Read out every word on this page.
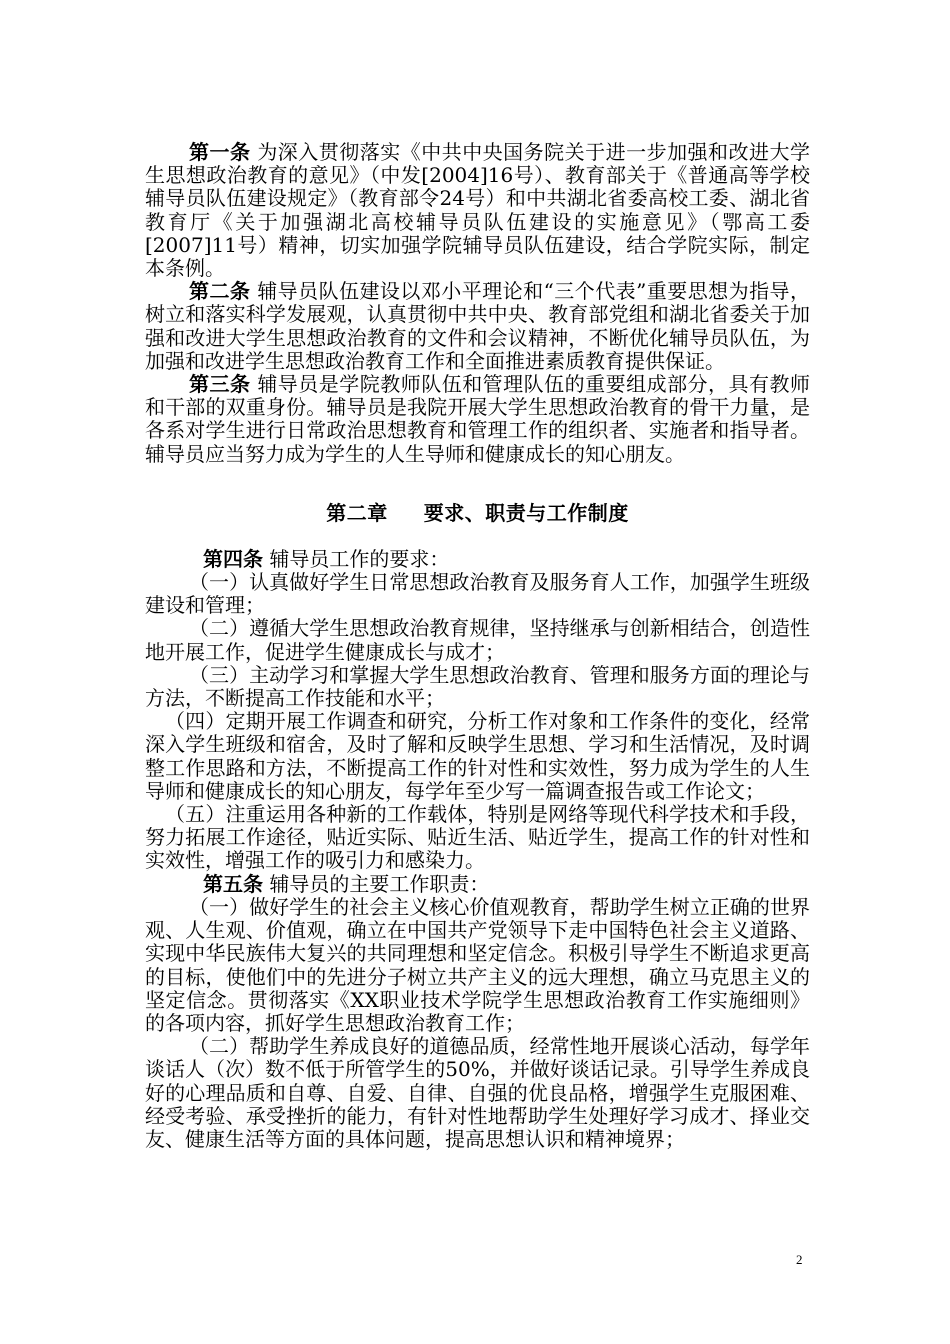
第一条 为深入贯彻落实《中共中央国务院关于进一步加强和改进大学生思想政治教育的意见》（中发[2004]16号）、教育部关于《普通高等学校辅导员队伍建设规定》（教育部令24号）和中共湖北省委高校工委、湖北省教育厅《关于加强湖北高校辅导员队伍建设的实施意见》（鄂高工委[2007]11号）精神，切实加强学院辅导员队伍建设，结合学院实际，制定本条例。

第二条 辅导员队伍建设以邓小平理论和“三个代表”重要思想为指导，树立和落实科学发展观，认真贯彻中共中央、教育部党组和湖北省委关于加强和改进大学生思想政治教育的文件和会议精神，不断优化辅导员队伍，为加强和改进学生思想政治教育工作和全面推进素质教育提供保证。

第三条 辅导员是学院教师队伍和管理队伍的重要组成部分，具有教师和干部的双重身份。辅导员是我院开展大学生思想政治教育的骨干力量，是各系对学生进行日常政治思想教育和管理工作的组织者、实施者和指导者。辅导员应当努力成为学生的人生导师和健康成长的知心朋友。

第二章 要求、职责与工作制度

第四条 辅导员工作的要求：

（一）认真做好学生日常思想政治教育及服务育人工作，加强学生班级建设和管理；

（二）遵循大学生思想政治教育规律，坚持继承与创新相结合，创造性地开展工作，促进学生健康成长与成才；

（三）主动学习和掌握大学生思想政治教育、管理和服务方面的理论与方法，不断提高工作技能和水平；

（四）定期开展工作调查和研究，分析工作对象和工作条件的变化，经常深入学生班级和宿舍，及时了解和反映学生思想、学习和生活情况，及时调整工作思路和方法，不断提高工作的针对性和实效性，努力成为学生的人生导师和健康成长的知心朋友，每学年至少写一篇调查报告或工作论文；

（五）注重运用各种新的工作载体，特别是网络等现代科学技术和手段，努力拓展工作途径，贴近实际、贴近生活、贴近学生，提高工作的针对性和实效性，增强工作的吸引力和感染力。

第五条 辅导员的主要工作职责：

（一）做好学生的社会主义核心价值观教育，帮助学生树立正确的世界观、人生观、价值观，确立在中国共产党领导下走中国特色社会主义道路、实现中华民族伟大复兴的共同理想和坚定信念。积极引导学生不断追求更高的目标，使他们中的先进分子树立共产主义的远大理想，确立马克思主义的坚定信念。贯彻落实《XX职业技术学院学生思想政治教育工作实施细则》的各项内容，抓好学生思想政治教育工作；

（二）帮助学生养成良好的道德品质，经常性地开展谈心活动，每学年谈话人（次）数不低于所管学生的50%，并做好谈话记录。引导学生养成良好的心理品质和自尊、自爱、自律、自强的优良品格，增强学生克服困难、经受考验、承受挫折的能力，有针对性地帮助学生处理好学习成才、择业交友、健康生活等方面的具体问题，提高思想认识和精神境界；

2
